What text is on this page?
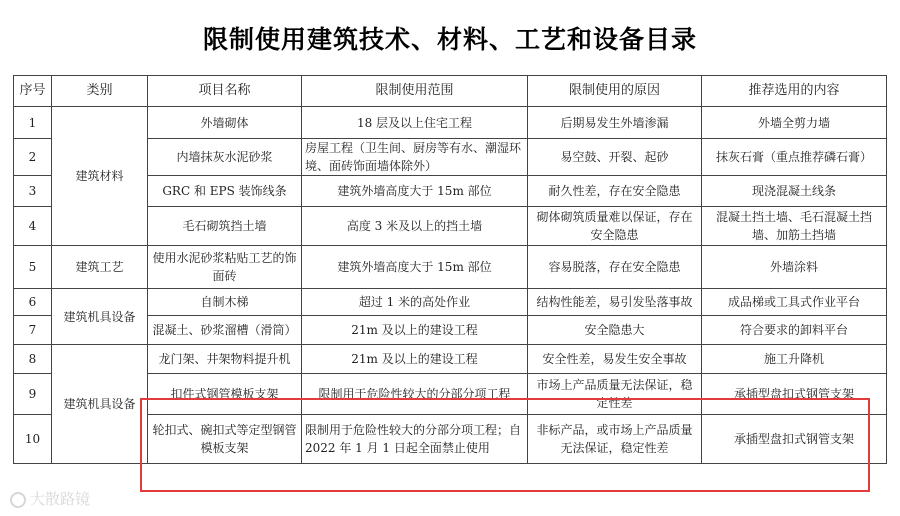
限制使用建筑技术、材料、工艺和设备目录
序号	类别	项目名称	限制使用范围	限制使用的原因	推荐选用的内容
1	建筑材料	外墙砌体	18 层及以上住宅工程	后期易发生外墙渗漏	外墙全剪力墙
2		内墙抹灰水泥砂浆	房屋工程（卫生间、厨房等有水、潮湿环境、面砖饰面墙体除外）	易空鼓、开裂、起砂	抹灰石膏（重点推荐磷石膏）
3		GRC 和 EPS 装饰线条	建筑外墙高度大于 15m 部位	耐久性差，存在安全隐患	现浇混凝土线条
4		毛石砌筑挡土墙	高度 3 米及以上的挡土墙	砌体砌筑质量难以保证，存在安全隐患	混凝土挡土墙、毛石混凝土挡墙、加筋土挡墙
5	建筑工艺	使用水泥砂浆粘贴工艺的饰面砖	建筑外墙高度大于 15m 部位	容易脱落，存在安全隐患	外墙涂料
6	建筑机具设备	自制木梯	超过 1 米的高处作业	结构性能差，易引发坠落事故	成品梯或工具式作业平台
7		混凝土、砂浆溜槽（滑筒）	21m 及以上的建设工程	安全隐患大	符合要求的卸料平台
8	建筑机具设备	龙门架、井架物料提升机	21m 及以上的建设工程	安全性差，易发生安全事故	施工升降机
9		扣件式钢管模板支架	限制用于危险性较大的分部分项工程	市场上产品质量无法保证，稳定性差	承插型盘扣式钢管支架
10		轮扣式、碗扣式等定型钢管模板支架	限制用于危险性较大的分部分项工程；自 2022 年 1 月 1 日起全面禁止使用	非标产品，或市场上产品质量无法保证，稳定性差	承插型盘扣式钢管支架
大散路镜
